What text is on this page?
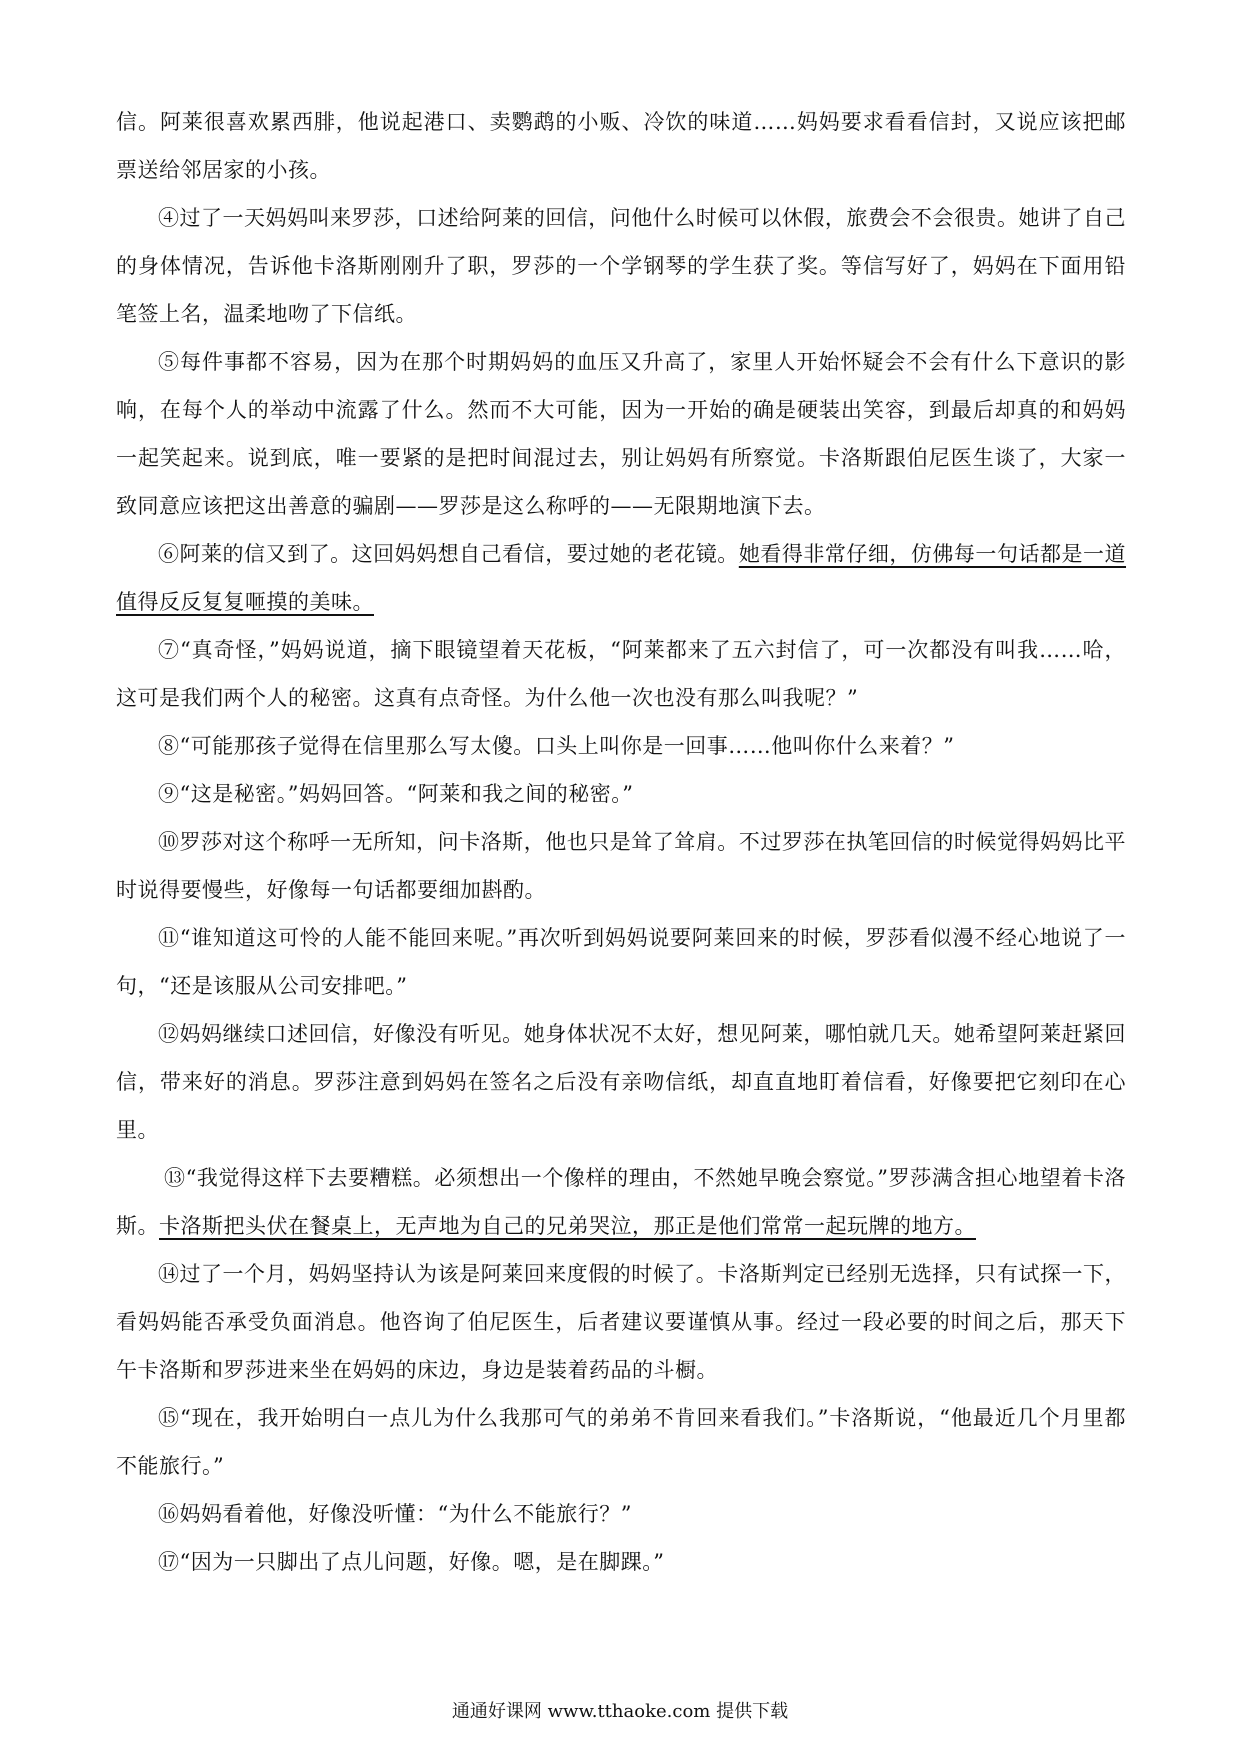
信。阿莱很喜欢累西腓，他说起港口、卖鹦鹉的小贩、冷饮的味道……妈妈要求看看信封，又说应该把邮票送给邻居家的小孩。

④过了一天妈妈叫来罗莎，口述给阿莱的回信，问他什么时候可以休假，旅费会不会很贵。她讲了自己的身体情况，告诉他卡洛斯刚刚升了职，罗莎的一个学钢琴的学生获了奖。等信写好了，妈妈在下面用铅笔签上名，温柔地吻了下信纸。

⑤每件事都不容易，因为在那个时期妈妈的血压又升高了，家里人开始怀疑会不会有什么下意识的影响，在每个人的举动中流露了什么。然而不大可能，因为一开始的确是硬装出笑容，到最后却真的和妈妈一起笑起来。说到底，唯一要紧的是把时间混过去，别让妈妈有所察觉。卡洛斯跟伯尼医生谈了，大家一致同意应该把这出善意的骗剧——罗莎是这么称呼的——无限期地演下去。

⑥阿莱的信又到了。这回妈妈想自己看信，要过她的老花镜。她看得非常仔细，仿佛每一句话都是一道值得反反复复咂摸的美味。

⑦“真奇怪，”妈妈说道，摘下眼镜望着天花板，“阿莱都来了五六封信了，可一次都没有叫我……哈，这可是我们两个人的秘密。这真有点奇怪。为什么他一次也没有那么叫我呢？”

⑧“可能那孩子觉得在信里那么写太傻。口头上叫你是一回事……他叫你什么来着？”

⑨“这是秘密。”妈妈回答。“阿莱和我之间的秘密。”

⑩罗莎对这个称呼一无所知，问卡洛斯，他也只是耸了耸肩。不过罗莎在执笔回信的时候觉得妈妈比平时说得要慢些，好像每一句话都要细加斟酌。

⑪“谁知道这可怜的人能不能回来呢。”再次听到妈妈说要阿莱回来的时候，罗莎看似漫不经心地说了一句，“还是该服从公司安排吧。”

⑫妈妈继续口述回信，好像没有听见。她身体状况不太好，想见阿莱，哪怕就几天。她希望阿莱赶紧回信，带来好的消息。罗莎注意到妈妈在签名之后没有亲吻信纸，却直直地盯着信看，好像要把它刻印在心里。

⑬“我觉得这样下去要糟糕。必须想出一个像样的理由，不然她早晚会察觉。”罗莎满含担心地望着卡洛斯。卡洛斯把头伏在餐桌上，无声地为自己的兄弟哭泣，那正是他们常常一起玩牌的地方。

⑭过了一个月，妈妈坚持认为该是阿莱回来度假的时候了。卡洛斯判定已经别无选择，只有试探一下，看妈妈能否承受负面消息。他咨询了伯尼医生，后者建议要谨慎从事。经过一段必要的时间之后，那天下午卡洛斯和罗莎进来坐在妈妈的床边，身边是装着药品的斗橱。

⑮“现在，我开始明白一点儿为什么我那可气的弟弟不肯回来看我们。”卡洛斯说，“他最近几个月里都不能旅行。”

⑯妈妈看着他，好像没听懂：“为什么不能旅行？”

⑰“因为一只脚出了点儿问题，好像。嗯，是在脚踝。”

通通好课网 www.tthaoke.com 提供下载
